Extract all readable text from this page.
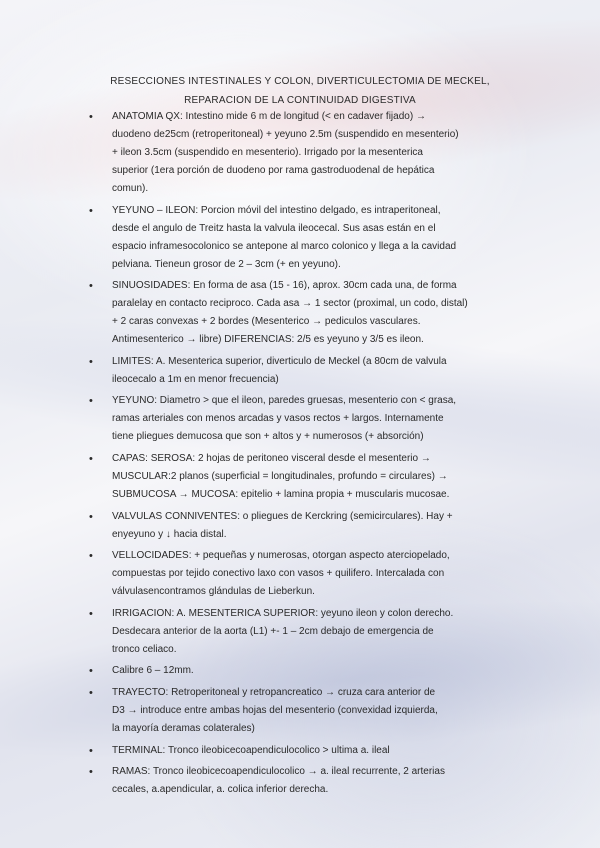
RESECCIONES INTESTINALES Y COLON, DIVERTICULECTOMIA DE MECKEL,
REPARACION DE LA CONTINUIDAD DIGESTIVA
• ANATOMIA QX: Intestino mide 6 m de longitud (< en cadaver fijado) →
duodeno de25cm (retroperitoneal) + yeyuno 2.5m (suspendido en mesenterio)
+ ileon 3.5cm (suspendido en mesenterio). Irrigado por la mesenterica
superior (1era porción de duodeno por rama gastroduodenal de hepática
comun).
• YEYUNO – ILEON: Porcion móvil del intestino delgado, es intraperitoneal,
desde el angulo de Treitz hasta la valvula ileocecal. Sus asas están en el
espacio inframesocolonico se antepone al marco colonico y llega a la cavidad
pelviana. Tieneun grosor de 2 – 3cm (+ en yeyuno).
• SINUOSIDADES: En forma de asa (15 - 16), aprox. 30cm cada una, de forma
paralelay en contacto reciproco. Cada asa → 1 sector (proximal, un codo, distal)
+ 2 caras convexas + 2 bordes (Mesenterico → pediculos vasculares.
Antimesenterico → libre) DIFERENCIAS: 2/5 es yeyuno y 3/5 es ileon.
• LIMITES: A. Mesenterica superior, diverticulo de Meckel (a 80cm de valvula
ileocecalo a 1m en menor frecuencia)
• YEYUNO: Diametro > que el ileon, paredes gruesas, mesenterio con < grasa,
ramas arteriales con menos arcadas y vasos rectos + largos. Internamente
tiene pliegues demucosa que son + altos y + numerosos (+ absorción)
• CAPAS: SEROSA: 2 hojas de peritoneo visceral desde el mesenterio →
MUSCULAR:2 planos (superficial = longitudinales, profundo = circulares) →
SUBMUCOSA → MUCOSA: epitelio + lamina propia + muscularis mucosae.
• VALVULAS CONNIVENTES: o pliegues de Kerckring (semicirculares). Hay +
enyeyuno y ↓ hacia distal.
• VELLOCIDADES: + pequeñas y numerosas, otorgan aspecto aterciopelado,
compuestas por tejido conectivo laxo con vasos + quilifero. Intercalada con
válvulasencontramos glándulas de Lieberkun.
• IRRIGACION: A. MESENTERICA SUPERIOR: yeyuno ileon y colon derecho.
Desdecara anterior de la aorta (L1) +- 1 – 2cm debajo de emergencia de
tronco celiaco.
• Calibre 6 – 12mm.
• TRAYECTO: Retroperitoneal y retropancreatico → cruza cara anterior de
D3 → introduce entre ambas hojas del mesenterio (convexidad izquierda,
la mayoría deramas colaterales)
• TERMINAL: Tronco ileobicecoapendiculocolico > ultima a. ileal
• RAMAS: Tronco ileobicecoapendiculocolico → a. ileal recurrente, 2 arterias
cecales, a.apendicular, a. colica inferior derecha.
